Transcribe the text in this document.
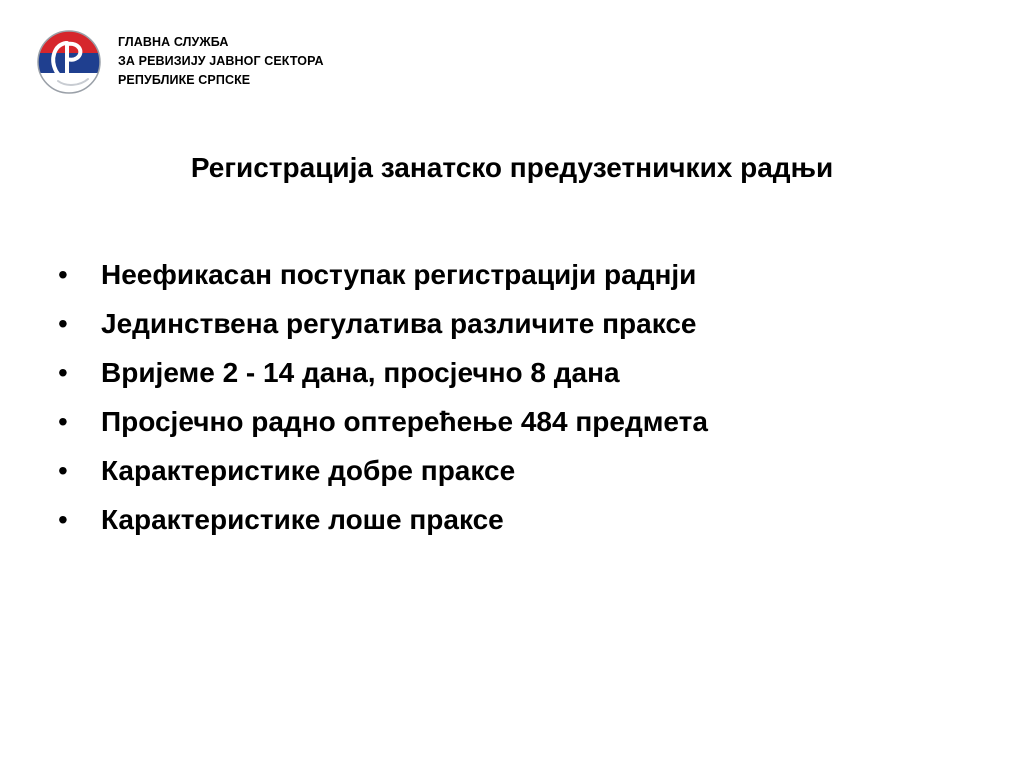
ГЛАВНА СЛУЖБА
ЗА РЕВИЗИЈУ ЈАВНОГ СЕКТОРА
РЕПУБЛИКЕ СРПСКЕ
Регистрација занатско предузетничких радњи
•	Неефикасан поступак регистрацији раднји
•	Јединствена регулатива различите праксе
•	Вријеме 2 - 14 дана, просјечно 8 дана
•	Просјечно радно оптерећење 484 предмета
•	Карактеристике добре праксе
•	Карактеристике лоше праксе
